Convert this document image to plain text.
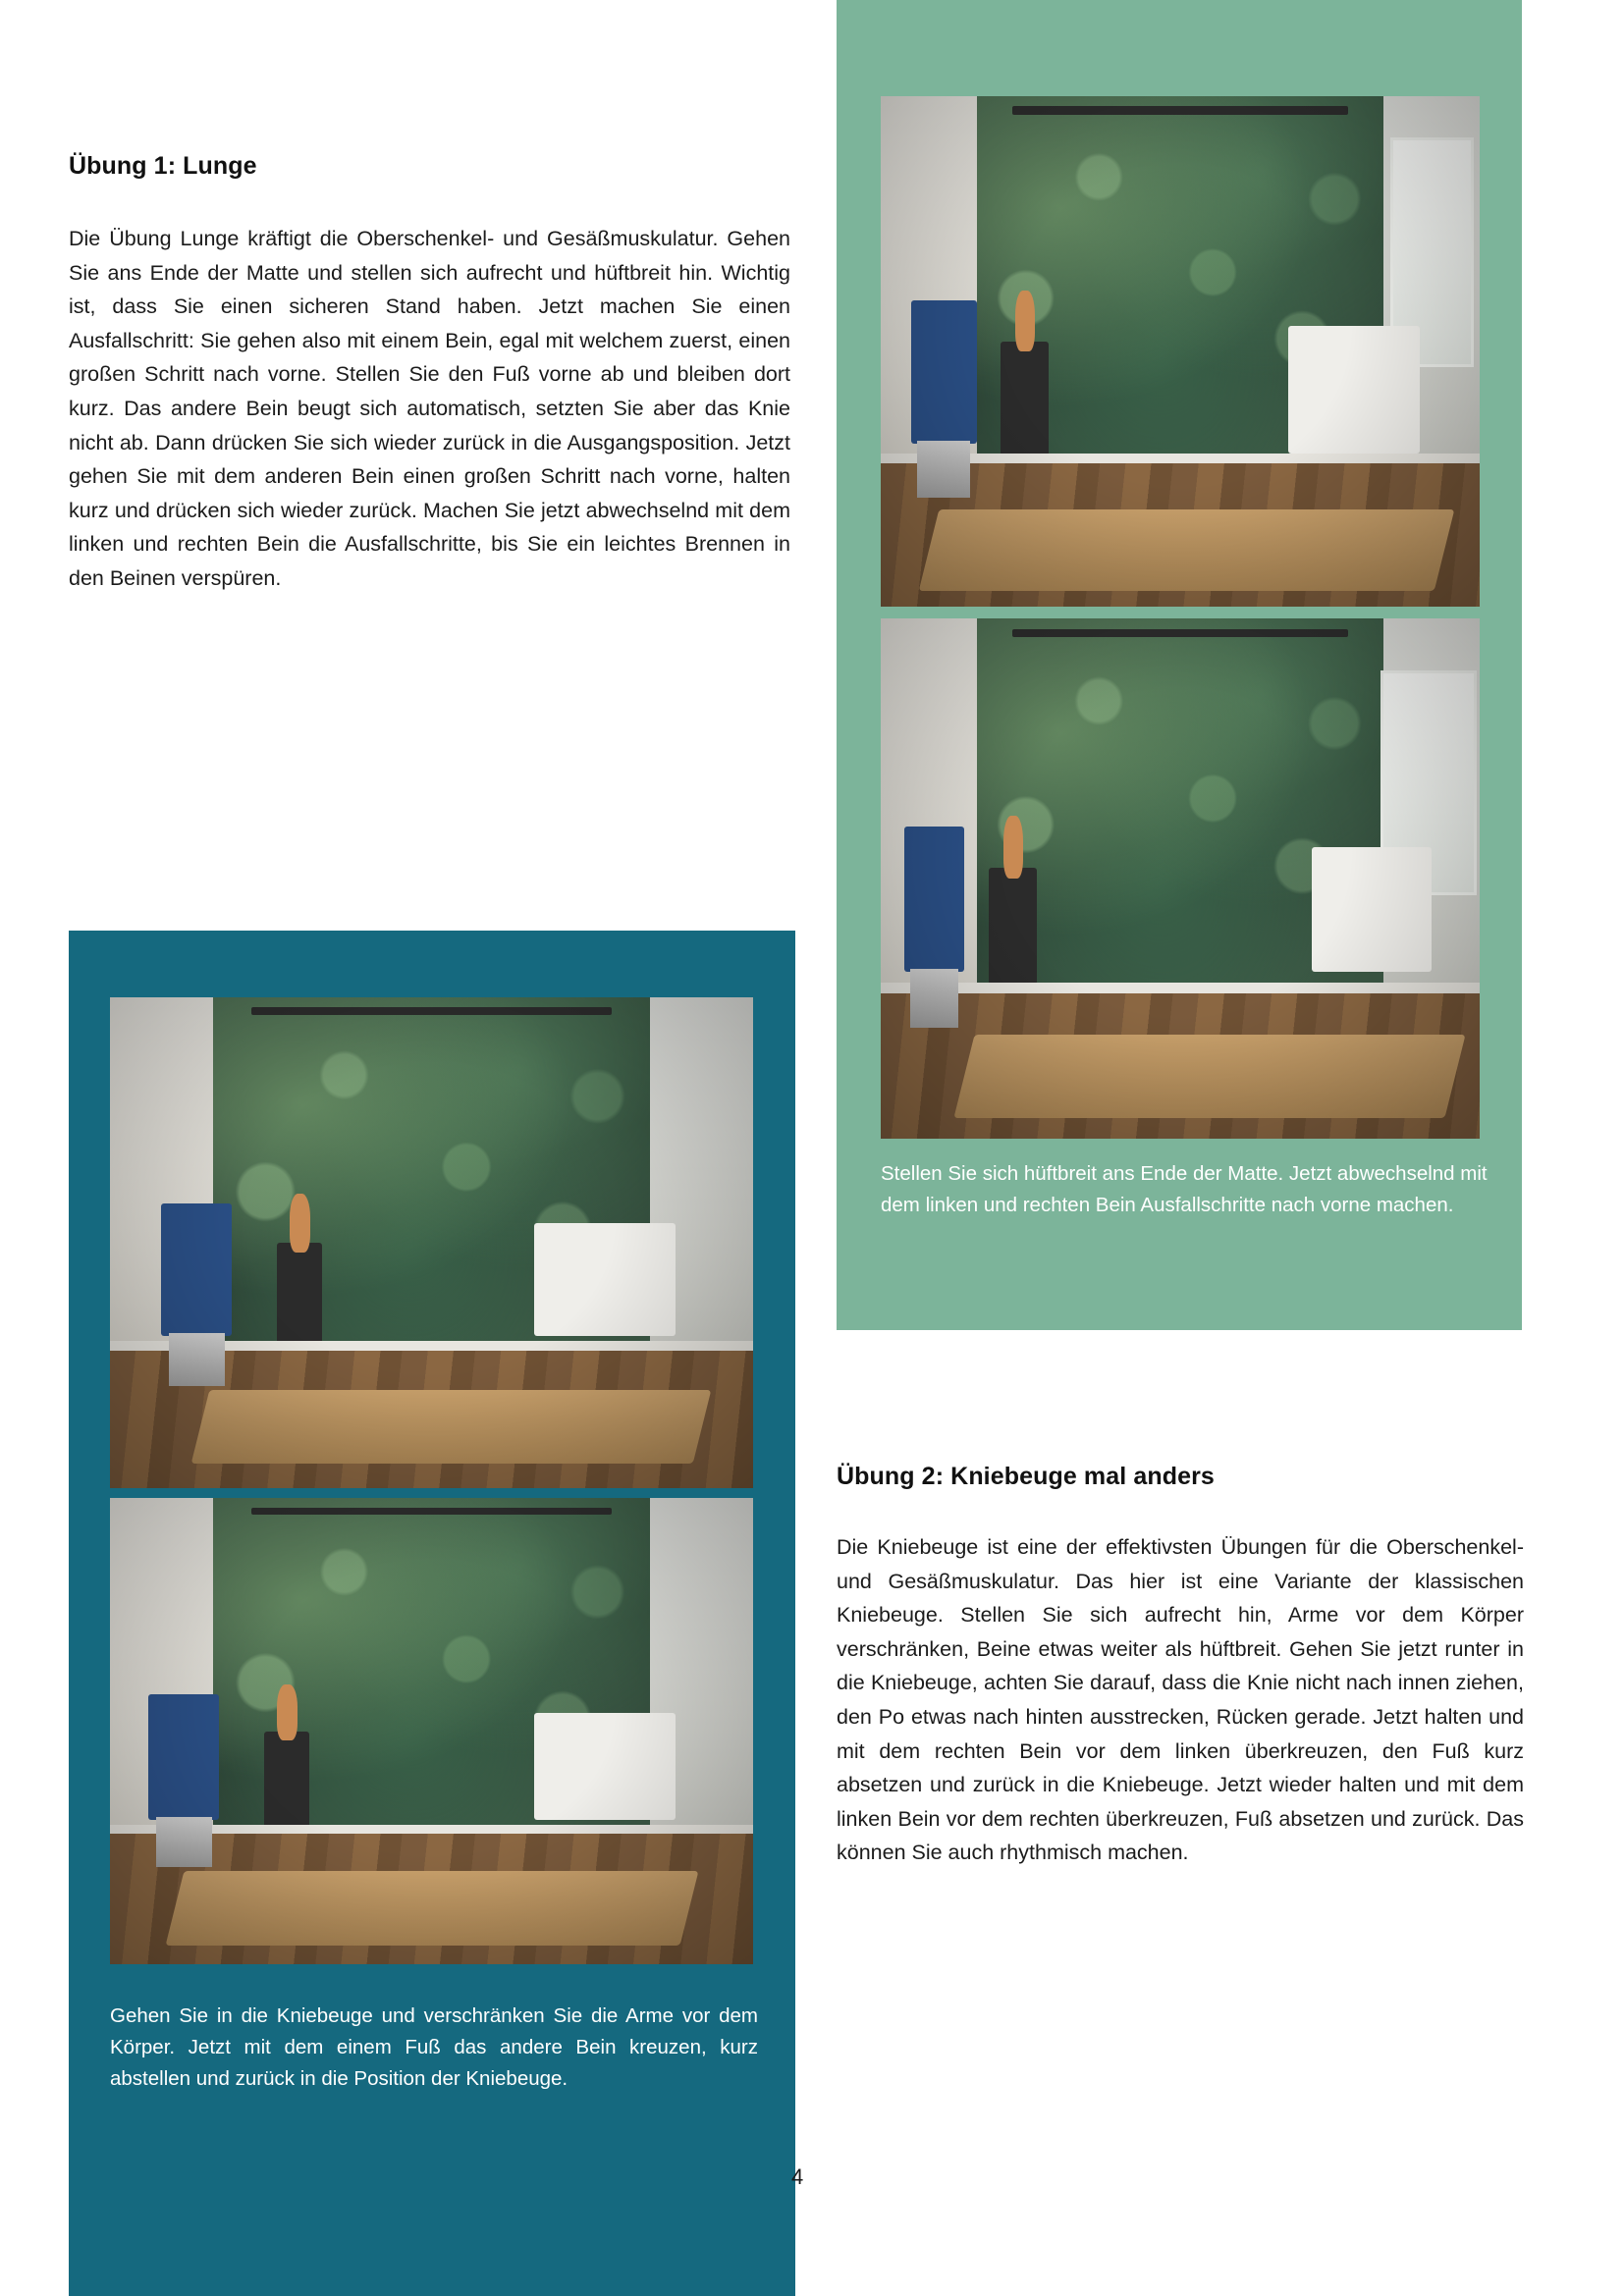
Stellen Sie sich hüftbreit ans Ende der Matte. Jetzt abwechselnd mit dem linken und rechten Bein Ausfallschritte nach vorne machen.
Gehen Sie in die Kniebeuge und verschränken Sie die Arme vor dem Körper. Jetzt mit dem einem Fuß das andere Bein kreuzen, kurz abstellen und zurück in die Position der Kniebeuge.
Übung 1: Lunge

Die Übung Lunge kräftigt die Oberschenkel- und Gesäßmuskulatur. Gehen Sie ans Ende der Matte und stellen sich aufrecht und hüftbreit hin. Wichtig ist, dass Sie einen sicheren Stand haben. Jetzt machen Sie einen Ausfallschritt: Sie gehen also mit einem Bein, egal mit welchem zuerst, einen großen Schritt nach vorne. Stellen Sie den Fuß vorne ab und bleiben dort kurz. Das andere Bein beugt sich automatisch, setzten Sie aber das Knie nicht ab. Dann drücken Sie sich wieder zurück in die Ausgangsposition. Jetzt gehen Sie mit dem anderen Bein einen großen Schritt nach vorne, halten kurz und drücken sich wieder zurück. Machen Sie jetzt abwechselnd mit dem linken und rechten Bein die Ausfallschritte, bis Sie ein leichtes Brennen in den Beinen verspüren.

Übung 2: Kniebeuge mal anders

Die Kniebeuge ist eine der effektivsten Übungen für die Oberschenkel- und Gesäßmuskulatur. Das hier ist eine Variante der klassischen Kniebeuge. Stellen Sie sich aufrecht hin, Arme vor dem Körper verschränken, Beine etwas weiter als hüftbreit. Gehen Sie jetzt runter in die Kniebeuge, achten Sie darauf, dass die Knie nicht nach innen ziehen, den Po etwas nach hinten ausstrecken, Rücken gerade. Jetzt halten und mit dem rechten Bein vor dem linken überkreuzen, den Fuß kurz absetzen und zurück in die Kniebeuge. Jetzt wieder halten und mit dem linken Bein vor dem rechten überkreuzen, Fuß absetzen und zurück. Das können Sie auch rhythmisch machen.

4
